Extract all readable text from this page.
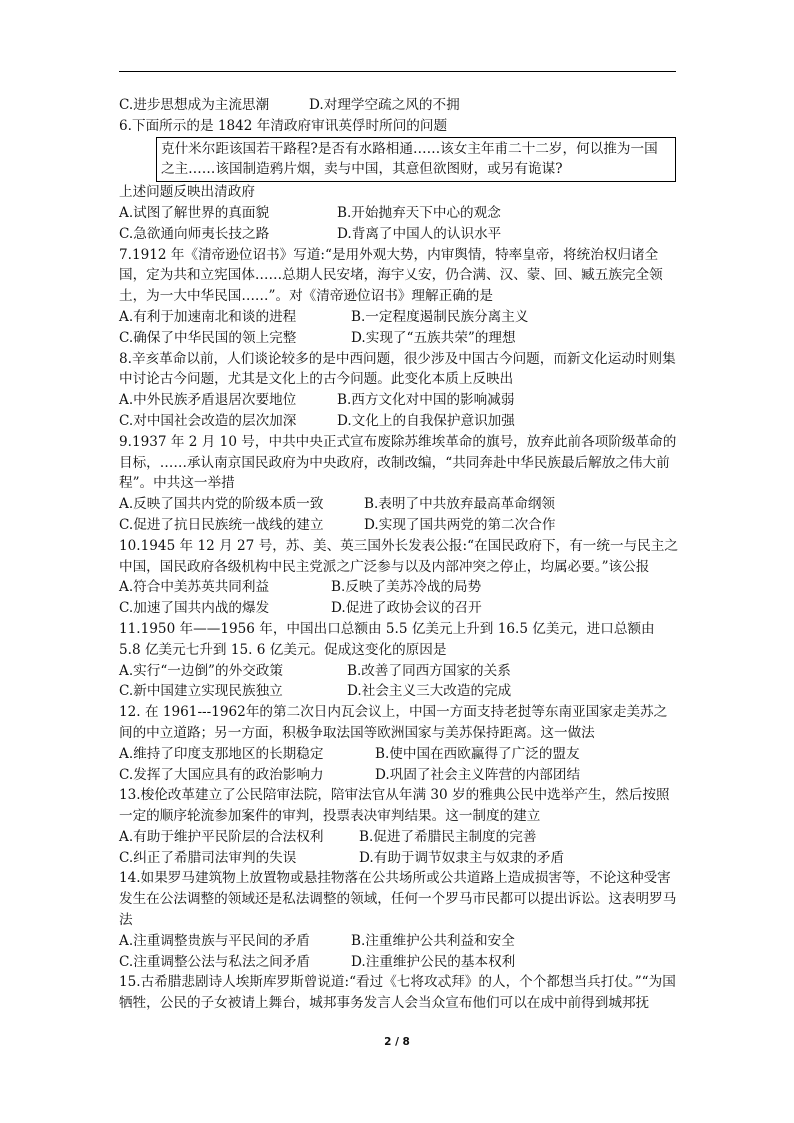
C.进步思想成为主流思潮	D.对理学空疏之风的不拥
6.下面所示的是 1842 年清政府审讯英俘时所问的问题
克什米尔距该国若干路程?是否有水路相通……该女主年甫二十二岁，何以推为一国之主……该国制造鸦片烟，卖与中国，其意但欲图财，或另有诡谋?
上述问题反映出清政府
A.试图了解世界的真面貌	B.开始抛弃天下中心的观念
C.急欲通向师夷长技之路	D.背离了中国人的认识水平
7.1912 年《清帝逊位诏书》写道:“是用外观大势，内审舆情，特率皇帝，将统治权归诸全国，定为共和立宪国体……总期人民安堵，海宇乂安，仍合满、汉、蒙、回、臧五族完全领土，为一大中华民国……”。对《清帝逊位诏书》理解正确的是
A.有利于加速南北和谈的进程	B.一定程度遏制民族分离主义
C.确保了中华民国的领上完整	D.实现了“五族共荣”的理想
8.辛亥革命以前，人们谈论较多的是中西问题，很少涉及中国古今问题，而新文化运动时则集中讨论古今问题，尤其是文化上的古今问题。此变化本质上反映出
A.中外民族矛盾退居次要地位	B.西方文化对中国的影响减弱
C.对中国社会改造的层次加深	D.文化上的自我保护意识加强
9.1937 年 2 月 10 号，中共中央正式宣布废除苏维埃革命的旗号，放弃此前各项阶级革命的目标，……承认南京国民政府为中央政府，改制改编，“共同奔赴中华民族最后解放之伟大前程”。中共这一举措
A.反映了国共内党的阶级本质一致	B.表明了中共放弃最高革命纲领
C.促进了抗日民族统一战线的建立	D.实现了国共两党的第二次合作
10.1945 年 12 月 27 号，苏、美、英三国外长发表公报:“在国民政府下，有一统一与民主之中国，国民政府各级机构中民主党派之广泛参与以及内部冲突之停止，均属必要。”该公报
A.符合中美苏英共同利益	B.反映了美苏冷战的局势
C.加速了国共内战的爆发	D.促进了政协会议的召开
11.1950 年——1956 年，中国出口总额由 5.5 亿美元上升到 16.5 亿美元，进口总额由 5.8 亿美元七升到 15. 6 亿美元。促成这变化的原因是
A.实行“一边倒”的外交政策	B.改善了同西方国家的关系
C.新中国建立实现民族独立	D.社会主义三大改造的完成
12. 在 1961---1962年的第二次日内瓦会议上，中国一方面支持老挝等东南亚国家走美苏之间的中立道路；另一方面，积极争取法国等欧洲国家与美苏保持距离。这一做法
A.维持了印度支那地区的长期稳定	B.使中国在西欧赢得了广泛的盟友
C.发挥了大国应具有的政治影响力	D.巩固了社会主义阵营的内部团结
13.梭伦改革建立了公民陪审法院，陪审法官从年满 30 岁的雅典公民中选举产生，然后按照一定的顺序轮流参加案件的审判，投票表决审判结果。这一制度的建立
A.有助于维护平民阶层的合法权利	B.促进了希腊民主制度的完善
C.纠正了希腊司法审判的失误	D.有助于调节奴隶主与奴隶的矛盾
14.如果罗马建筑物上放置物或悬挂物落在公共场所或公共道路上造成损害等，不论这种受害发生在公法调整的领域还是私法调整的领域，任何一个罗马市民都可以提出诉讼。这表明罗马法
A.注重调整贵族与平民间的矛盾	B.注重维护公共利益和安全
C.注重调整公法与私法之间矛盾	D.注重维护公民的基本权利
15.古希腊悲剧诗人埃斯库罗斯曾说道:“看过《七将攻忒拜》的人，个个都想当兵打仗。”“为国牺牲，公民的子女被请上舞台，城邦事务发言人会当众宣布他们可以在成中前得到城邦抚
2 / 8
